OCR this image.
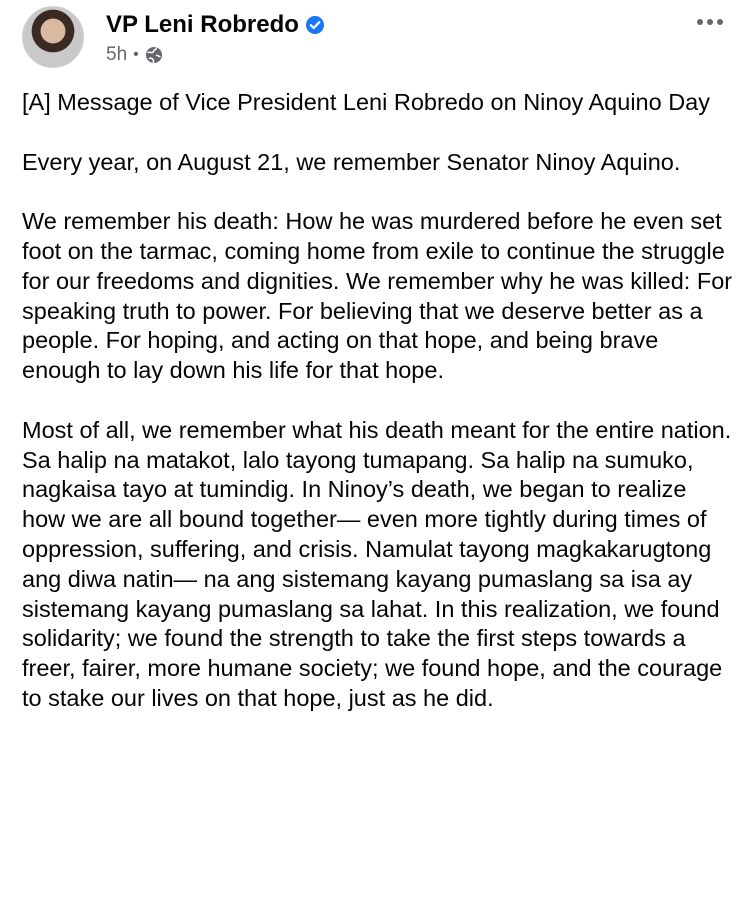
VP Leni Robredo
5h •

[A] Message of Vice President Leni Robredo on Ninoy Aquino Day

Every year, on August 21, we remember Senator Ninoy Aquino.

We remember his death: How he was murdered before he even set foot on the tarmac, coming home from exile to continue the struggle for our freedoms and dignities. We remember why he was killed: For speaking truth to power. For believing that we deserve better as a people. For hoping, and acting on that hope, and being brave enough to lay down his life for that hope.

Most of all, we remember what his death meant for the entire nation. Sa halip na matakot, lalo tayong tumapang. Sa halip na sumuko, nagkaisa tayo at tumindig. In Ninoy’s death, we began to realize how we are all bound together— even more tightly during times of oppression, suffering, and crisis. Namulat tayong magkakarugtong ang diwa natin— na ang sistemang kayang pumaslang sa isa ay sistemang kayang pumaslang sa lahat. In this realization, we found solidarity; we found the strength to take the first steps towards a freer, fairer, more humane society; we found hope, and the courage to stake our lives on that hope, just as he did.
